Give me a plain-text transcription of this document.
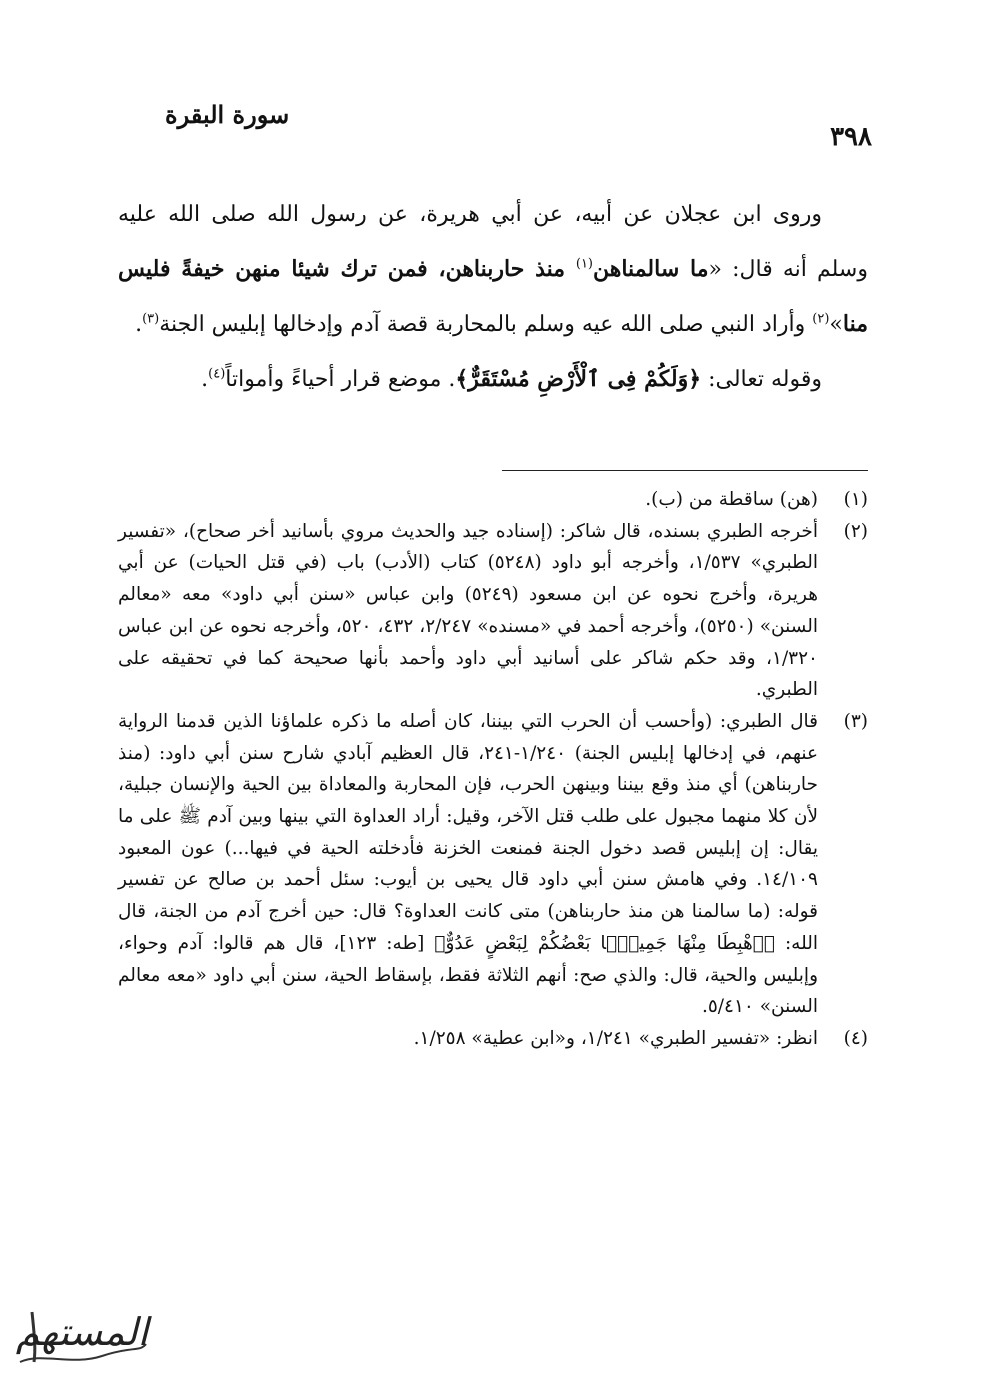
سورة البقرة
٣٩٨

وروى ابن عجلان عن أبيه، عن أبي هريرة، عن رسول الله صلى الله عليه وسلم أنه قال: «ما سالمناهن$^{(١)}$ منذ حاربناهن، فمن ترك شيئا منهن خيفةً فليس منا»$^{(٢)}$ وأراد النبي صلى الله عيه وسلم بالمحاربة قصة آدم وإدخالها إبليس الجنة$^{(٣)}$.

وقوله تعالى: ﴿وَلَكُمْ فِى ٱلْأَرْضِ مُسْتَقَرٌّ﴾. موضع قرار أحياءً وأمواتاً$^{(٤)}$.

(١)
(هن) ساقطة من (ب).
(٢)
أخرجه الطبري بسنده، قال شاكر: (إسناده جيد والحديث مروي بأسانيد أخر صحاح)، «تفسير الطبري» ١/٥٣٧، وأخرجه أبو داود (٥٢٤٨) كتاب (الأدب) باب (في قتل الحيات) عن أبي هريرة، وأخرج نحوه عن ابن مسعود (٥٢٤٩) وابن عباس «سنن أبي داود» معه «معالم السنن» (٥٢٥٠)، وأخرجه أحمد في «مسنده» ٢/٢٤٧، ٤٣٢، ٥٢٠، وأخرجه نحوه عن ابن عباس ١/٣٢٠، وقد حكم شاكر على أسانيد أبي داود وأحمد بأنها صحيحة كما في تحقيقه على الطبري.
(٣)
قال الطبري: (وأحسب أن الحرب التي بيننا، كان أصله ما ذكره علماؤنا الذين قدمنا الرواية عنهم، في إدخالها إبليس الجنة) ١/٢٤٠-٢٤١، قال العظيم آبادي شارح سنن أبي داود: (منذ حاربناهن) أي منذ وقع بيننا وبينهن الحرب، فإن المحاربة والمعاداة بين الحية والإنسان جبلية، لأن كلا منهما مجبول على طلب قتل الآخر، وقيل: أراد العداوة التي بينها وبين آدم ﷺ على ما يقال: إن إبليس قصد دخول الجنة فمنعت الخزنة فأدخلته الحية في فيها...) عون المعبود ١٤/١٠٩. وفي هامش سنن أبي داود قال يحيى بن أيوب: سئل أحمد بن صالح عن تفسير قوله: (ما سالمنا هن منذ حاربناهن) متى كانت العداوة؟ قال: حين أخرج آدم من الجنة، قال الله: ﴿ٱهْبِطَا مِنْهَا جَمِيعًۢا بَعْضُكُمْ لِبَعْضٍ عَدُوٌّ﴾ [طه: ١٢٣]، قال هم قالوا: آدم وحواء، وإبليس والحية، قال: والذي صح: أنهم الثلاثة فقط، بإسقاط الحية، سنن أبي داود «معه معالم السنن» ٥/٤١٠.
(٤)
انظر: «تفسير الطبري» ١/٢٤١، و«ابن عطية» ١/٢٥٨.
المستهم
